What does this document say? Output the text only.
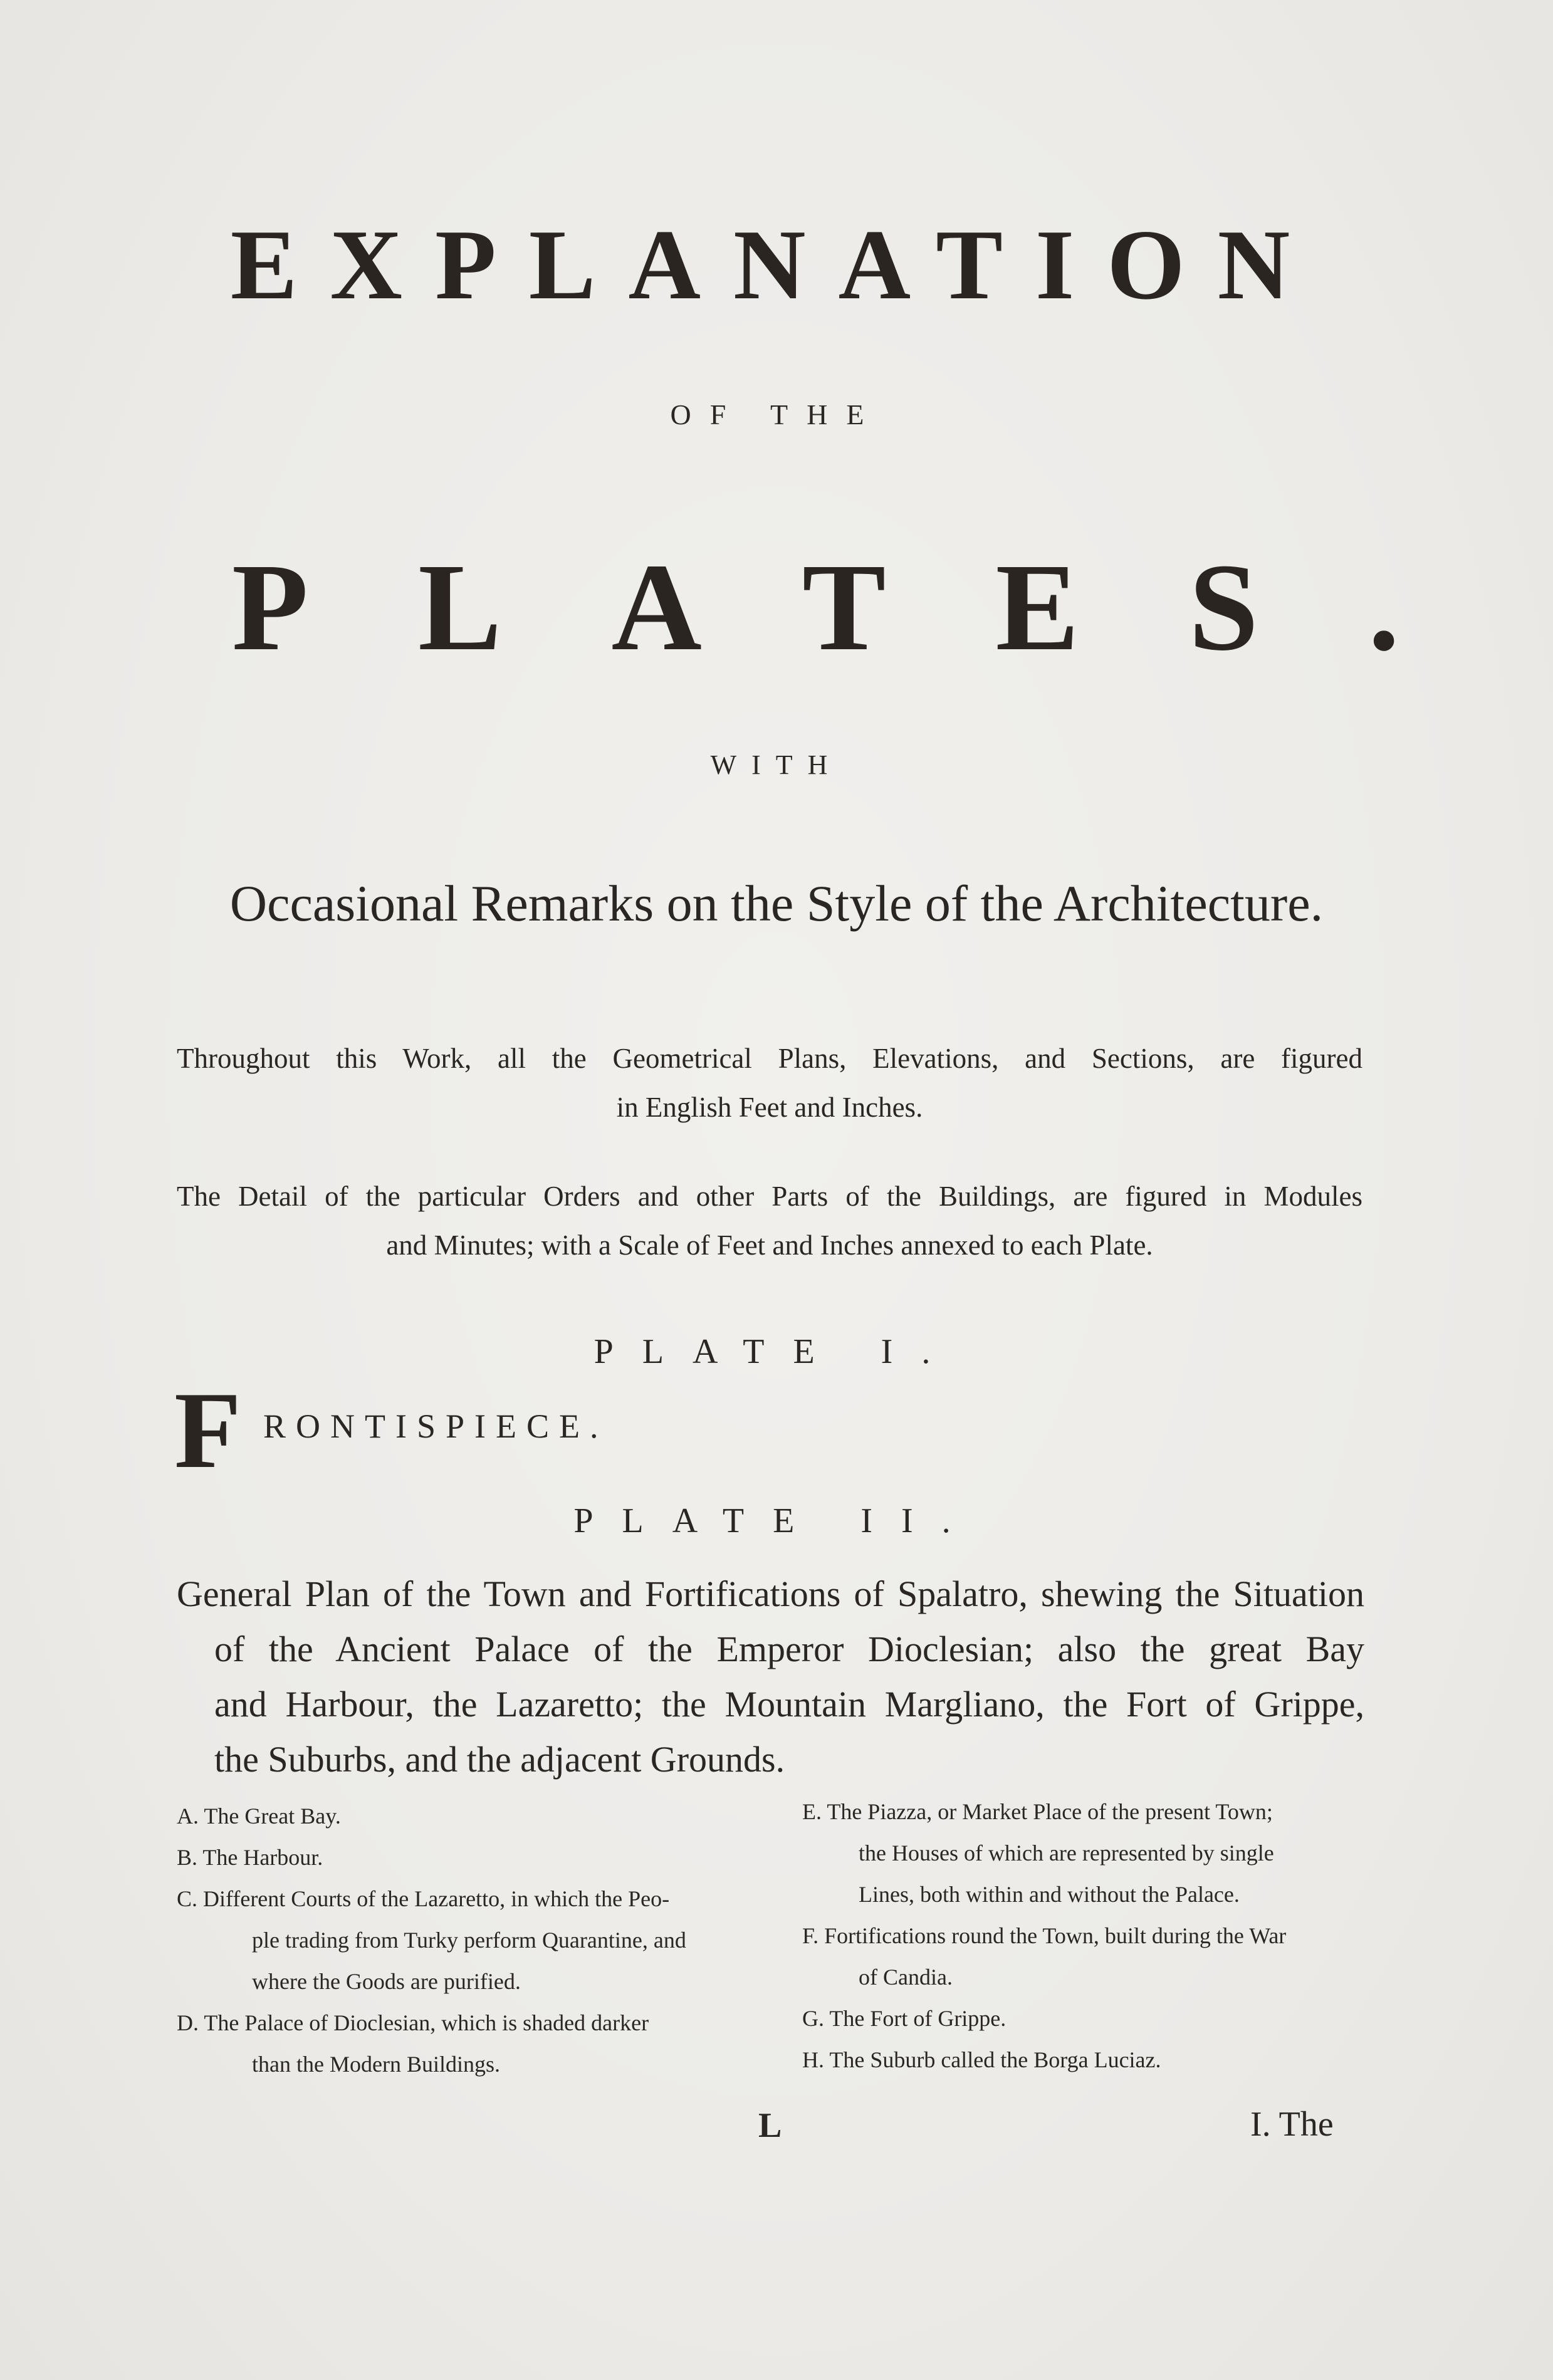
EXPLANATION
OF THE
PLATES.
WITH
Occasional Remarks on the Style of the Architecture.
Throughout this Work, all the Geometrical Plans, Elevations, and Sections, are figured
in English Feet and Inches.
The Detail of the particular Orders and other Parts of the Buildings, are figured in Modules
and Minutes; with a Scale of Feet and Inches annexed to each Plate.
PLATE I.
F RONTISPIECE.
PLATE II.
General Plan of the Town and Fortifications of Spalatro, shewing the Situation
of the Ancient Palace of the Emperor Dioclesian; also the great Bay
and Harbour, the Lazaretto; the Mountain Margliano, the Fort of Grippe,
the Suburbs, and the adjacent Grounds.
A. The Great Bay.
B. The Harbour.
C. Different Courts of the Lazaretto, in which the Peo-
ple trading from Turky perform Quarantine, and
where the Goods are purified.
D. The Palace of Dioclesian, which is shaded darker
than the Modern Buildings.
E. The Piazza, or Market Place of the present Town;
the Houses of which are represented by single
Lines, both within and without the Palace.
F. Fortifications round the Town, built during the War
of Candia.
G. The Fort of Grippe.
H. The Suburb called the Borga Luciaz.
L	I. The
